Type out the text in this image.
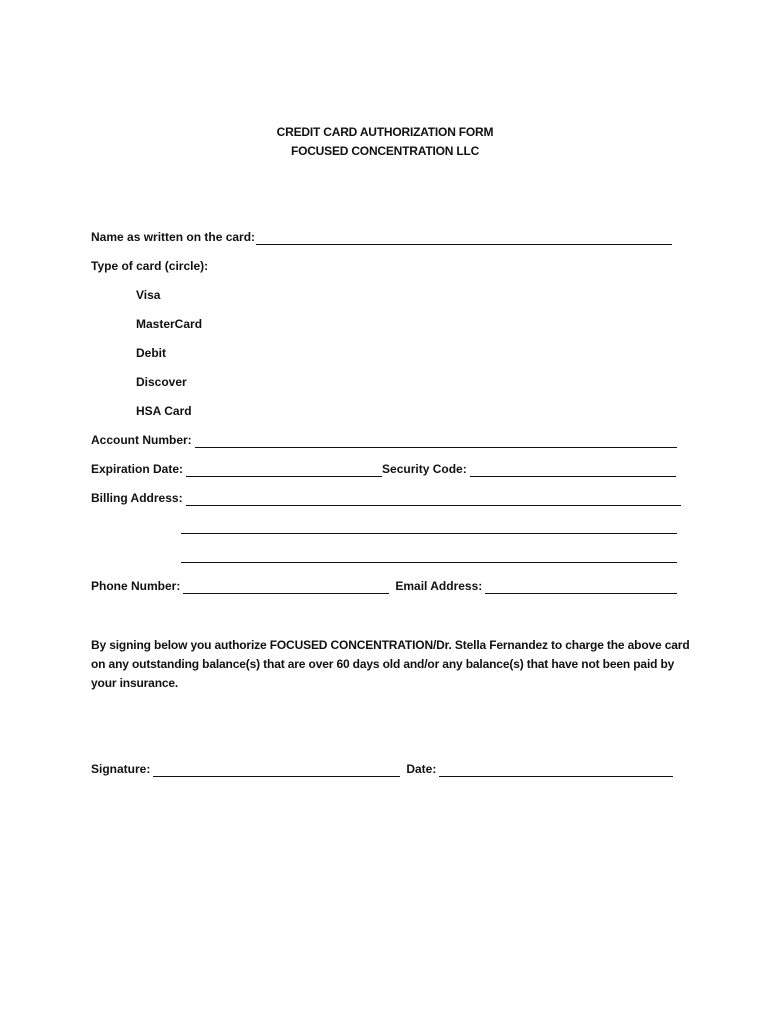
CREDIT CARD AUTHORIZATION FORM
FOCUSED CONCENTRATION LLC
Name as written on the card:
Type of card (circle):
Visa
MasterCard
Debit
Discover
HSA Card
Account Number:
Expiration Date:	Security Code:
Billing Address:
Phone Number:	Email Address:
By signing below you authorize FOCUSED CONCENTRATION/Dr. Stella Fernandez to charge the above card on any outstanding balance(s) that are over 60 days old and/or any balance(s) that have not been paid by your insurance.
Signature:	Date:
